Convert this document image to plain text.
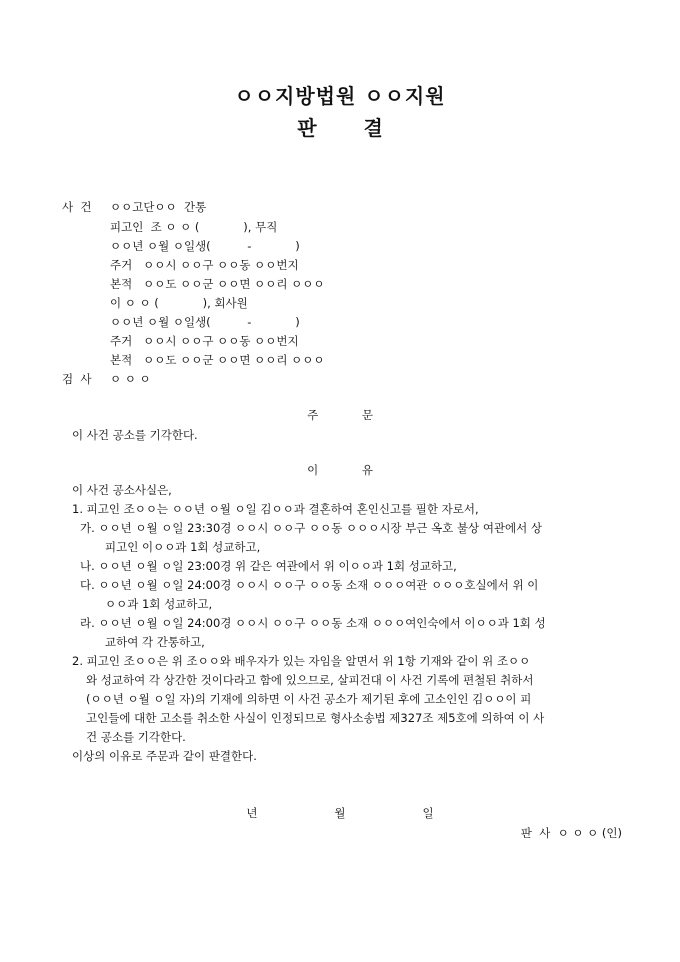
ㅇㅇ지방법원 ㅇㅇ지원
판 결
사  건 ㅇㅇ고단ㅇㅇ  간통
피고인  조 ㅇ ㅇ (            ), 무직
ㅇㅇ년 ㅇ월 ㅇ일생(          -            )
주거   ㅇㅇ시 ㅇㅇ구 ㅇㅇ동 ㅇㅇ번지
본적   ㅇㅇ도 ㅇㅇ군 ㅇㅇ면 ㅇㅇ리 ㅇㅇㅇ
이 ㅇ ㅇ (            ), 회사원
ㅇㅇ년 ㅇ월 ㅇ일생(          -            )
주거   ㅇㅇ시 ㅇㅇ구 ㅇㅇ동 ㅇㅇ번지
본적   ㅇㅇ도 ㅇㅇ군 ㅇㅇ면 ㅇㅇ리 ㅇㅇㅇ
검  사 ㅇ ㅇ ㅇ
주 문
이 사건 공소를 기각한다.
이 유
이 사건 공소사실은,
1. 피고인 조ㅇㅇ는 ㅇㅇ년 ㅇ월 ㅇ일 김ㅇㅇ과 결혼하여 혼인신고를 필한 자로서,
가. ㅇㅇ년 ㅇ월 ㅇ일 23:30경 ㅇㅇ시 ㅇㅇ구 ㅇㅇ동 ㅇㅇㅇ시장 부근 옥호 불상 여관에서 상
피고인 이ㅇㅇ과 1회 성교하고,
나. ㅇㅇ년 ㅇ월 ㅇ일 23:00경 위 같은 여관에서 위 이ㅇㅇ과 1회 성교하고,
다. ㅇㅇ년 ㅇ월 ㅇ일 24:00경 ㅇㅇ시 ㅇㅇ구 ㅇㅇ동 소재 ㅇㅇㅇ여관 ㅇㅇㅇ호실에서 위 이
ㅇㅇ과 1회 성교하고,
라. ㅇㅇ년 ㅇ월 ㅇ일 24:00경 ㅇㅇ시 ㅇㅇ구 ㅇㅇ동 소재 ㅇㅇㅇ여인숙에서 이ㅇㅇ과 1회 성
교하여 각 간통하고,
2. 피고인 조ㅇㅇ은 위 조ㅇㅇ와 배우자가 있는 자임을 알면서 위 1항 기재와 같이 위 조ㅇㅇ
와 성교하여 각 상간한 것이다라고 함에 있으므로, 살피건대 이 사건 기록에 편철된 취하서
(ㅇㅇ년 ㅇ월 ㅇ일 자)의 기재에 의하면 이 사건 공소가 제기된 후에 고소인인 김ㅇㅇ이 피
고인들에 대한 고소를 취소한 사실이 인정되므로 형사소송법 제327조 제5호에 의하여 이 사
건 공소를 기각한다.
이상의 이유로 주문과 같이 판결한다.
년   월   일
판  사  ㅇ ㅇ ㅇ (인)
